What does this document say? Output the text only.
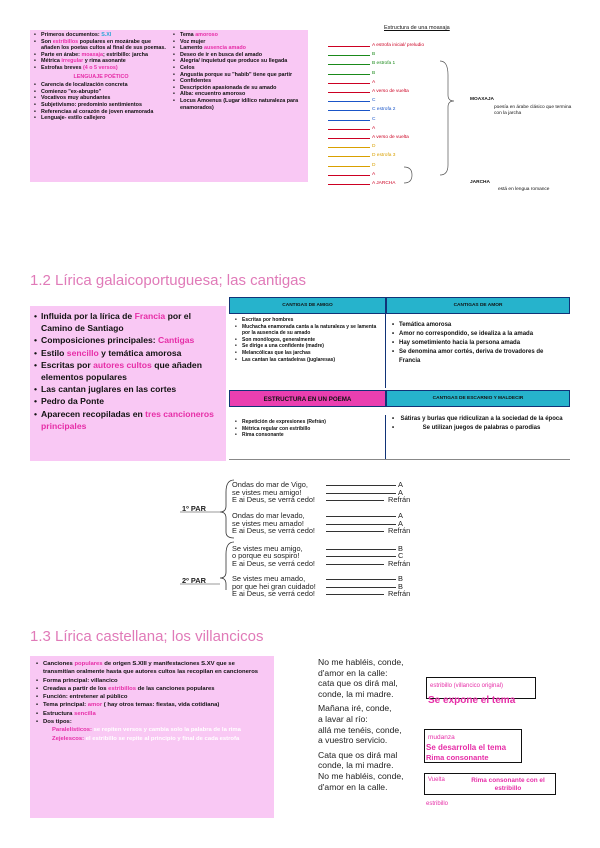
• Primeros documentos: S.XI
• Son estribillos populares en mozárabe que añaden los poetas cultos al final de sus poemas.
• Parte en árabe: moaxaja; estribillo: jarcha
• Métrica irregular y rima asonante
• Estrofas breves (4 o 5 versos)
LENGUAJE POÉTICO
• Carencia de localización concreta
• Comienzo "ex-abrupto"
• Vocativos muy abundantes
• Subjetivismo: predominio sentimientos
• Referencias al corazón de joven enamorada
• Lenguaje- estilo callejero
• Tema amoroso
• Voz mujer
• Lamento ausencia amado
• Deseo de ir en busca del amado
• Alegría/ inquietud que produce su llegada
• Celos
• Angustia porque su "habib" tiene que partir
• Confidentes
• Descripción apasionada de su amado
• Alba: encuentro amoroso
• Locus Amoenus (Lugar idílico naturaleza para enamorados)
Estructura de una moaxaja
A estrofa inicial/ preludio
B
B estrofa 1
B
A
A verso de vuelta
C
C estrofa 2
C
A
A verso de vuelta
D
D estrofa 3
D
A
A JARCHA
MOAXAJA
poesía en árabe clásico que termina con la jarcha
JARCHA
está en lengua romance
1.2 Lírica galaicoportuguesa; las cantigas
• Influida por la lírica de Francia por el Camino de Santiago
• Composiciones principales: Cantigas
• Estilo sencillo y temática amorosa
• Escritas por autores cultos que añaden elementos populares
• Las cantan juglares en las cortes
• Pedro da Ponte
• Aparecen recopiladas en tres cancioneros principales
CANTIGAS DE AMIGO	CANTIGAS DE AMOR
• Escritas por hombres
• Muchacha enamorada canta a la naturaleza y se lamenta por la ausencia de su amado
• Son monólogos, generalmente
• Se dirige a una confidente (madre)
• Melancólicas que las jarchas
• Las cantan las cantadeiras (juglaresas)
• Temática amorosa
• Amor no correspondido, se idealiza a la amada
• Hay sometimiento hacia la persona amada
• Se denomina amor cortés, deriva de trovadores de Francia
ESTRUCTURA EN UN POEMA	CANTIGAS DE ESCARNIO Y MALDECIR
• Repetición de expresiones (Refrán)
• Métrica regular con estribillo
• Rima consonante
• Sátiras y burlas que ridiculizan a la sociedad de la época
• Se utilizan juegos de palabras o parodias
Ondas do mar de Vigo,	A
se vistes meu amigo!	A
E ai Deus, se verrá cedo!	Refrán
Ondas do mar levado,	A
se vistes meu amado!	A
E ai Deus, se verrá cedo!	Refrán
Se vistes meu amigo,	B
o porque eu sospiro!	C
E ai Deus, se verrá cedo!	Refrán
Se vistes meu amado,	B
por que hei gran cuidado!	B
E ai Deus, se verrá cedo!	Refrán
1º PAR
2º PAR
1.3 Lírica castellana; los villancicos
• Canciones populares de origen S.XIII y manifestaciones S.XV que se transmitían oralmente hasta que autores cultos las recopilan en cancioneros
• Forma principal: villancico
• Creadas a partir de los estribillos de las canciones populares
• Función: entretener al público
• Tema principal: amor ( hay otros temas: fiestas, vida cotidiana)
• Estructura sencilla
• Dos tipos:
Paralelísticos: se repiten versos y cambia solo la palabra de la rima
Zejelescos: el estribillo se repite al principio y final de cada estrofa
No me habléis, conde,
d'amor en la calle:
cata que os dirá mal,
conde, la mi madre.

Mañana iré, conde,
a lavar al río:
allá me tenéis, conde,
a vuestro servicio.

Cata que os dirá mal
conde, la mi madre.
No me habléis, conde,
d'amor en la calle.
estribillo (villancico original)
Se expone el tema
mudanza
Se desarrolla el tema
Rima consonante
Vuelta	Rima consonante con el estribillo
estribillo
